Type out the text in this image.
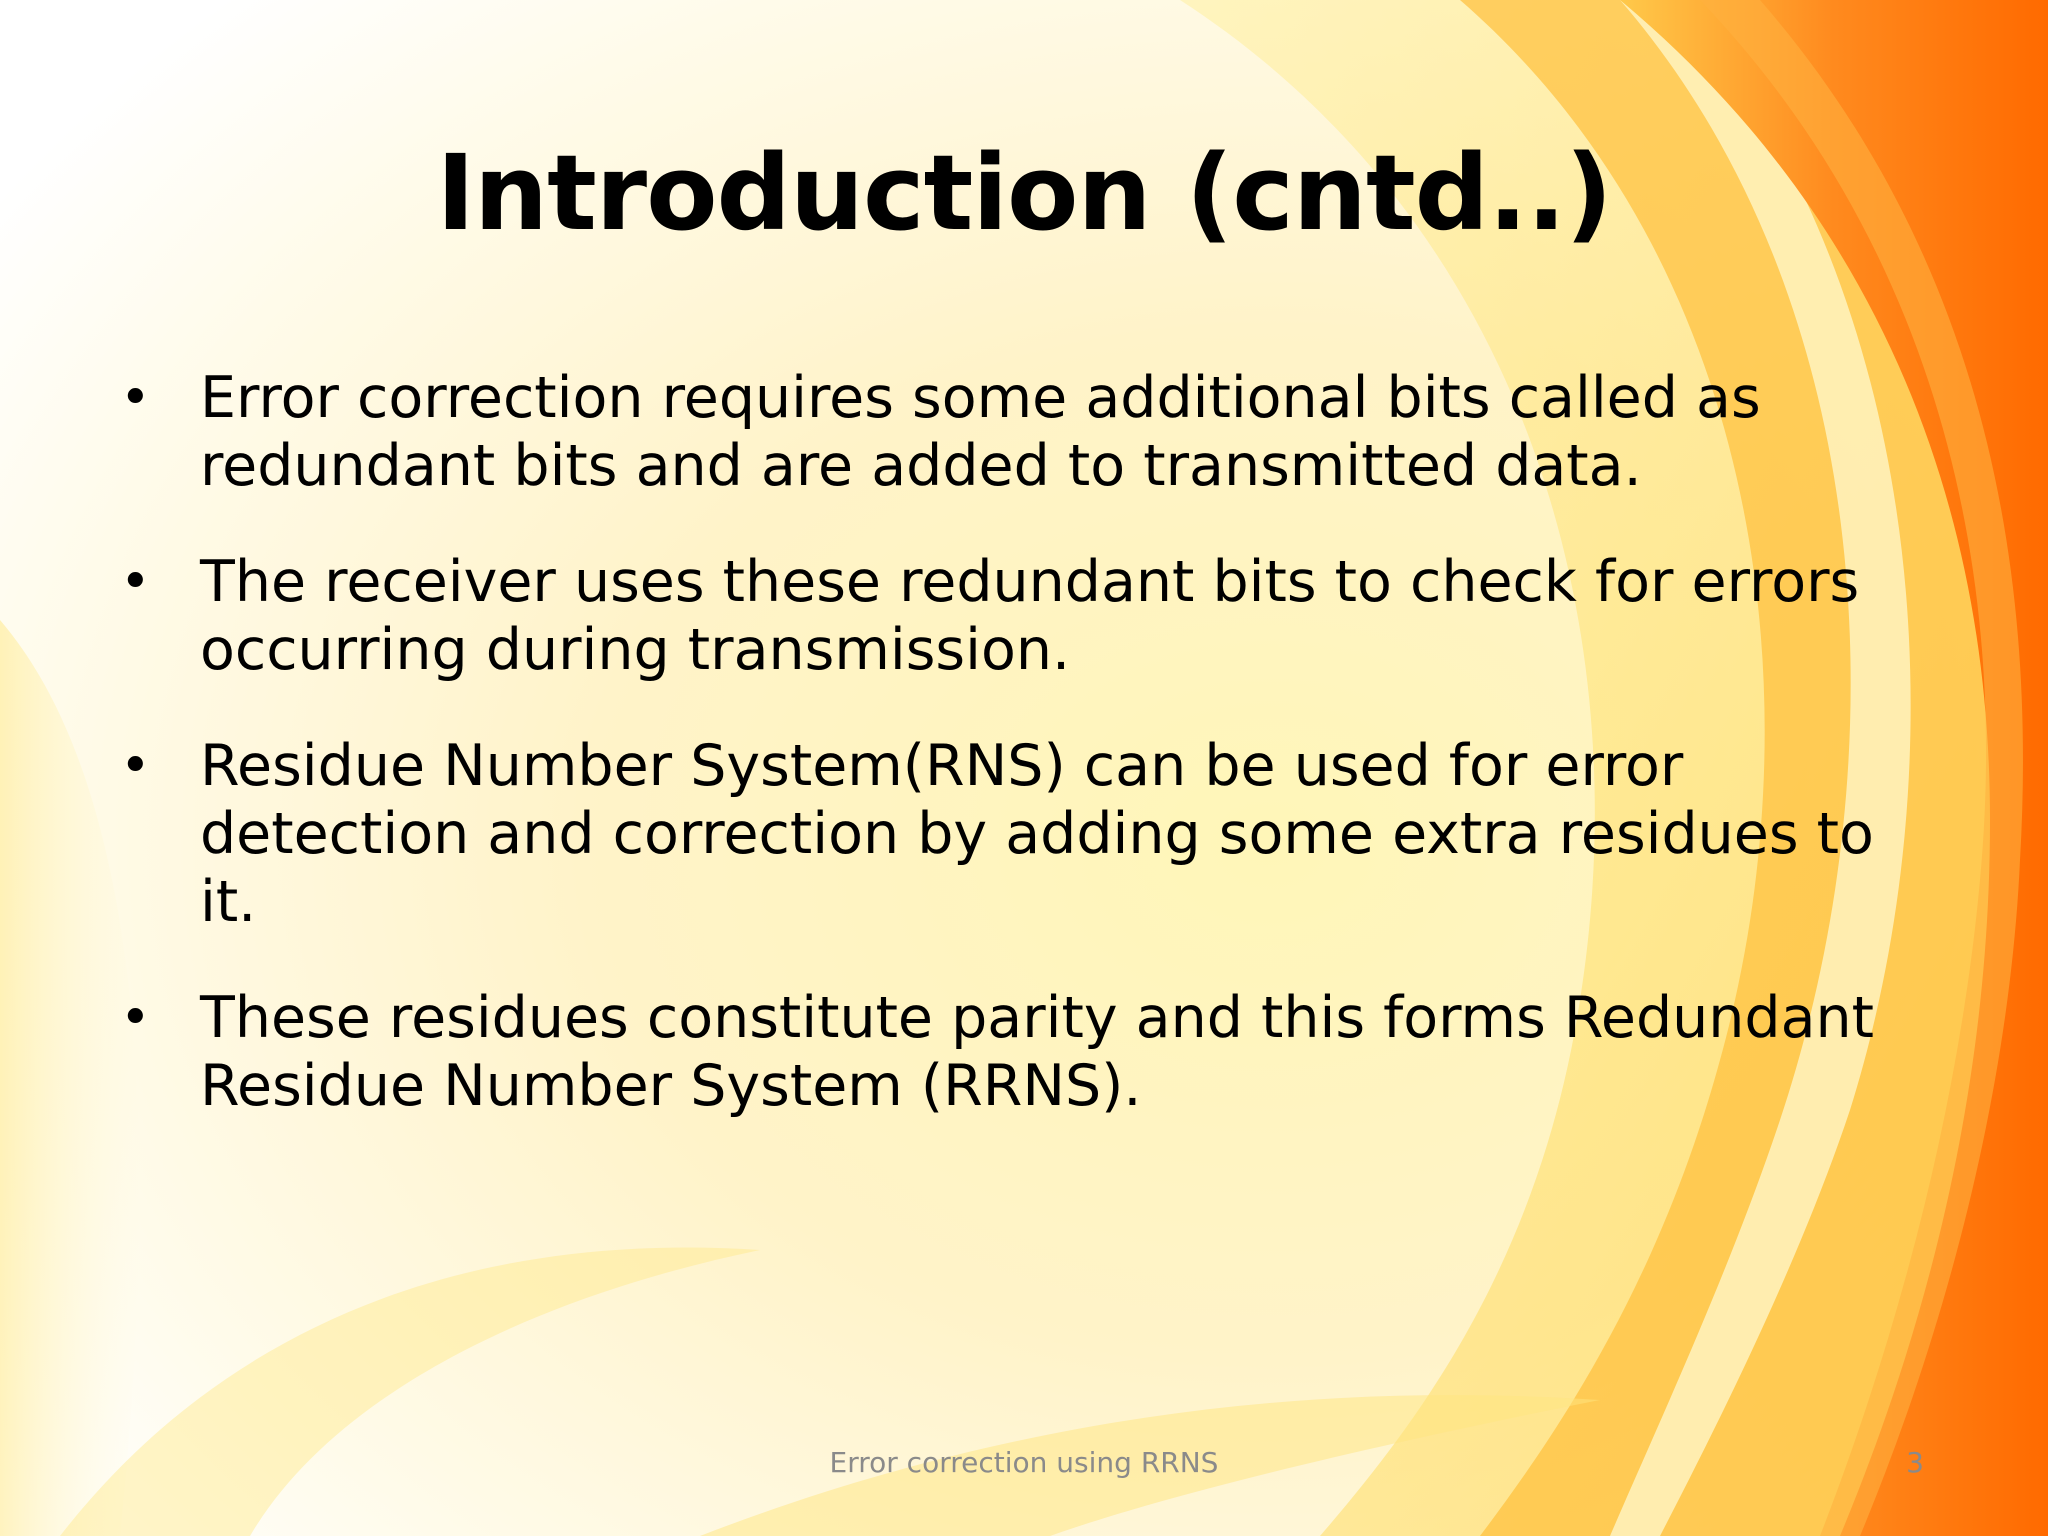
Introduction (cntd..)
• Error correction requires some additional bits called as redundant bits and are added to transmitted data.
• The receiver uses these redundant bits to check for errors occurring during transmission.
• Residue Number System(RNS) can be used for error detection and correction by adding some extra residues to it.
• These residues constitute parity and this forms Redundant Residue Number System (RRNS).
Error correction using RRNS	3
